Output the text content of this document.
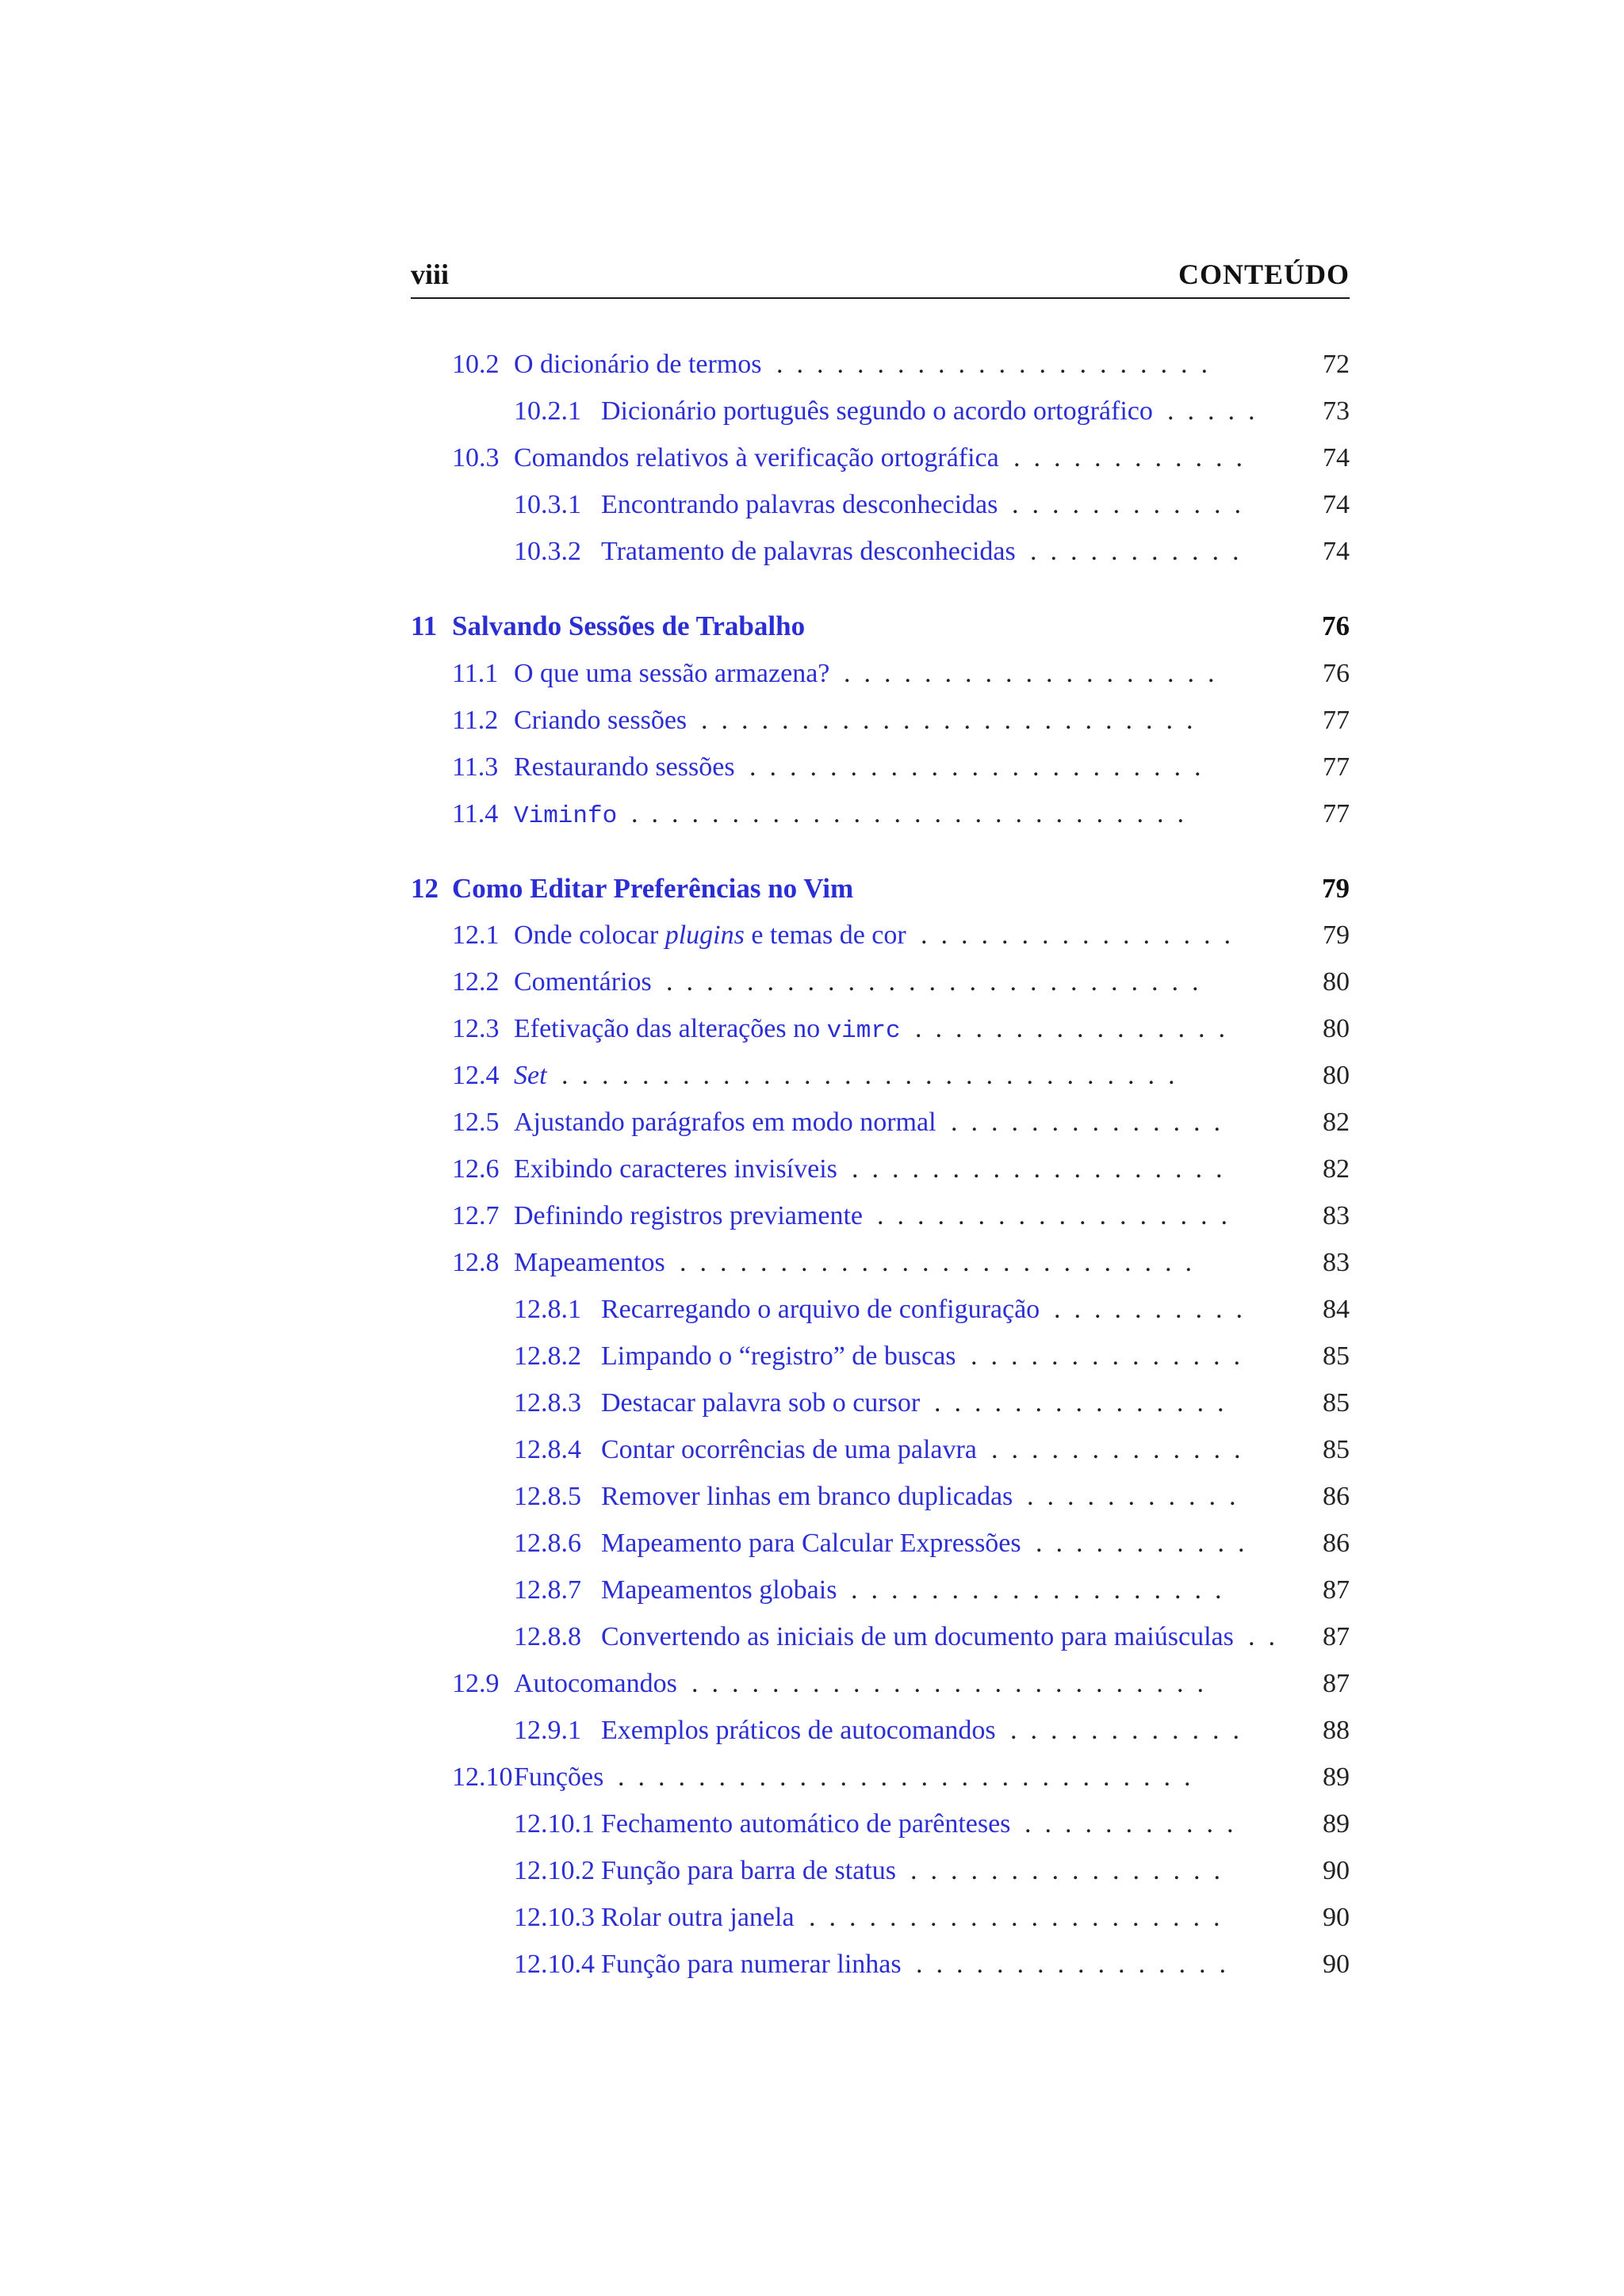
viii	CONTEÚDO
10.2 O dicionário de termos	72
.  .  .  .  .  .  .  .  .  .  .  .  .  .  .  .  .  .  .  .  .  .
10.2.1 Dicionário português segundo o acordo ortográfico	73
.  .  .  .  .
10.3 Comandos relativos à verificação ortográfica	74
.  .  .  .  .  .  .  .  .  .  .  .
10.3.1 Encontrando palavras desconhecidas	74
.  .  .  .  .  .  .  .  .  .  .  .
10.3.2 Tratamento de palavras desconhecidas	74
.  .  .  .  .  .  .  .  .  .  .
11 Salvando Sessões de Trabalho	76
11.1 O que uma sessão armazena?	76
.  .  .  .  .  .  .  .  .  .  .  .  .  .  .  .  .  .  .
11.2 Criando sessões	77
.  .  .  .  .  .  .  .  .  .  .  .  .  .  .  .  .  .  .  .  .  .  .  .  .
11.3 Restaurando sessões	77
.  .  .  .  .  .  .  .  .  .  .  .  .  .  .  .  .  .  .  .  .  .  .
11.4 Viminfo	77
.  .  .  .  .  .  .  .  .  .  .  .  .  .  .  .  .  .  .  .  .  .  .  .  .  .  .  .
12 Como Editar Preferências no Vim	79
12.1 Onde colocar plugins e temas de cor	79
.  .  .  .  .  .  .  .  .  .  .  .  .  .  .  .
12.2 Comentários	80
.  .  .  .  .  .  .  .  .  .  .  .  .  .  .  .  .  .  .  .  .  .  .  .  .  .  .
12.3 Efetivação das alterações no vimrc	80
.  .  .  .  .  .  .  .  .  .  .  .  .  .  .  .
12.4 Set	80
.  .  .  .  .  .  .  .  .  .  .  .  .  .  .  .  .  .  .  .  .  .  .  .  .  .  .  .  .  .  .
12.5 Ajustando parágrafos em modo normal	82
.  .  .  .  .  .  .  .  .  .  .  .  .  .
12.6 Exibindo caracteres invisíveis	82
.  .  .  .  .  .  .  .  .  .  .  .  .  .  .  .  .  .  .
12.7 Definindo registros previamente	83
.  .  .  .  .  .  .  .  .  .  .  .  .  .  .  .  .  .
12.8 Mapeamentos	83
.  .  .  .  .  .  .  .  .  .  .  .  .  .  .  .  .  .  .  .  .  .  .  .  .  .
12.8.1 Recarregando o arquivo de configuração	84
.  .  .  .  .  .  .  .  .  .
12.8.2 Limpando o “registro” de buscas	85
.  .  .  .  .  .  .  .  .  .  .  .  .  .
12.8.3 Destacar palavra sob o cursor	85
.  .  .  .  .  .  .  .  .  .  .  .  .  .  .
12.8.4 Contar ocorrências de uma palavra	85
.  .  .  .  .  .  .  .  .  .  .  .  .
12.8.5 Remover linhas em branco duplicadas	86
.  .  .  .  .  .  .  .  .  .  .
12.8.6 Mapeamento para Calcular Expressões	86
.  .  .  .  .  .  .  .  .  .  .
12.8.7 Mapeamentos globais	87
.  .  .  .  .  .  .  .  .  .  .  .  .  .  .  .  .  .  .
12.8.8 Convertendo as iniciais de um documento para maiúsculas	87
.  .
12.9 Autocomandos	87
.  .  .  .  .  .  .  .  .  .  .  .  .  .  .  .  .  .  .  .  .  .  .  .  .  .
12.9.1 Exemplos práticos de autocomandos	88
.  .  .  .  .  .  .  .  .  .  .  .
12.10 Funções	89
.  .  .  .  .  .  .  .  .  .  .  .  .  .  .  .  .  .  .  .  .  .  .  .  .  .  .  .  .
12.10.1 Fechamento automático de parênteses	89
.  .  .  .  .  .  .  .  .  .  .
12.10.2 Função para barra de status	90
.  .  .  .  .  .  .  .  .  .  .  .  .  .  .  .
12.10.3 Rolar outra janela	90
.  .  .  .  .  .  .  .  .  .  .  .  .  .  .  .  .  .  .  .  .
12.10.4 Função para numerar linhas	90
.  .  .  .  .  .  .  .  .  .  .  .  .  .  .  .
